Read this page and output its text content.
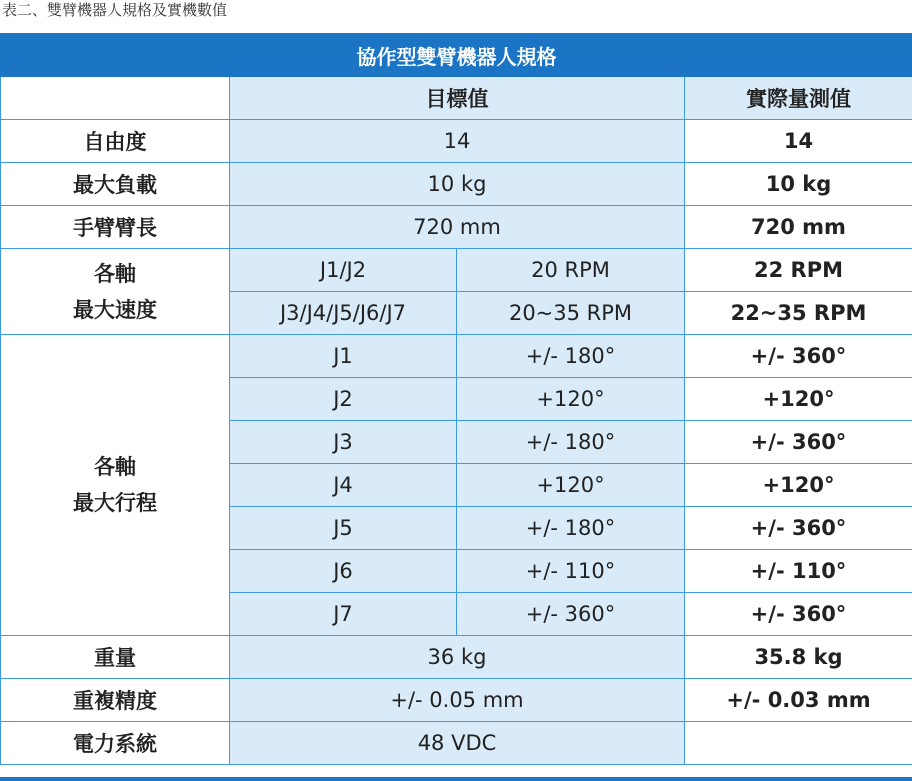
表二、雙臂機器人規格及實機數值
協作型雙臂機器人規格			
	目標值		實際量測值
自由度	14		14
最大負載	10 kg		10 kg
手臂臂長	720 mm		720 mm

各軸
最大速度	J1/J2	20 RPM	22 RPM
	J3/J4/J5/J6/J7	20~35 RPM	22~35 RPM

各軸
最大行程	J1	+/- 180°	+/- 360°
	J2	+120°	+120°
	J3	+/- 180°	+/- 360°
	J4	+120°	+120°
	J5	+/- 180°	+/- 360°
	J6	+/- 110°	+/- 110°
	J7	+/- 360°	+/- 360°
重量	36 kg		35.8 kg
重複精度	+/- 0.05 mm		+/- 0.03 mm
電力系統	48 VDC		
